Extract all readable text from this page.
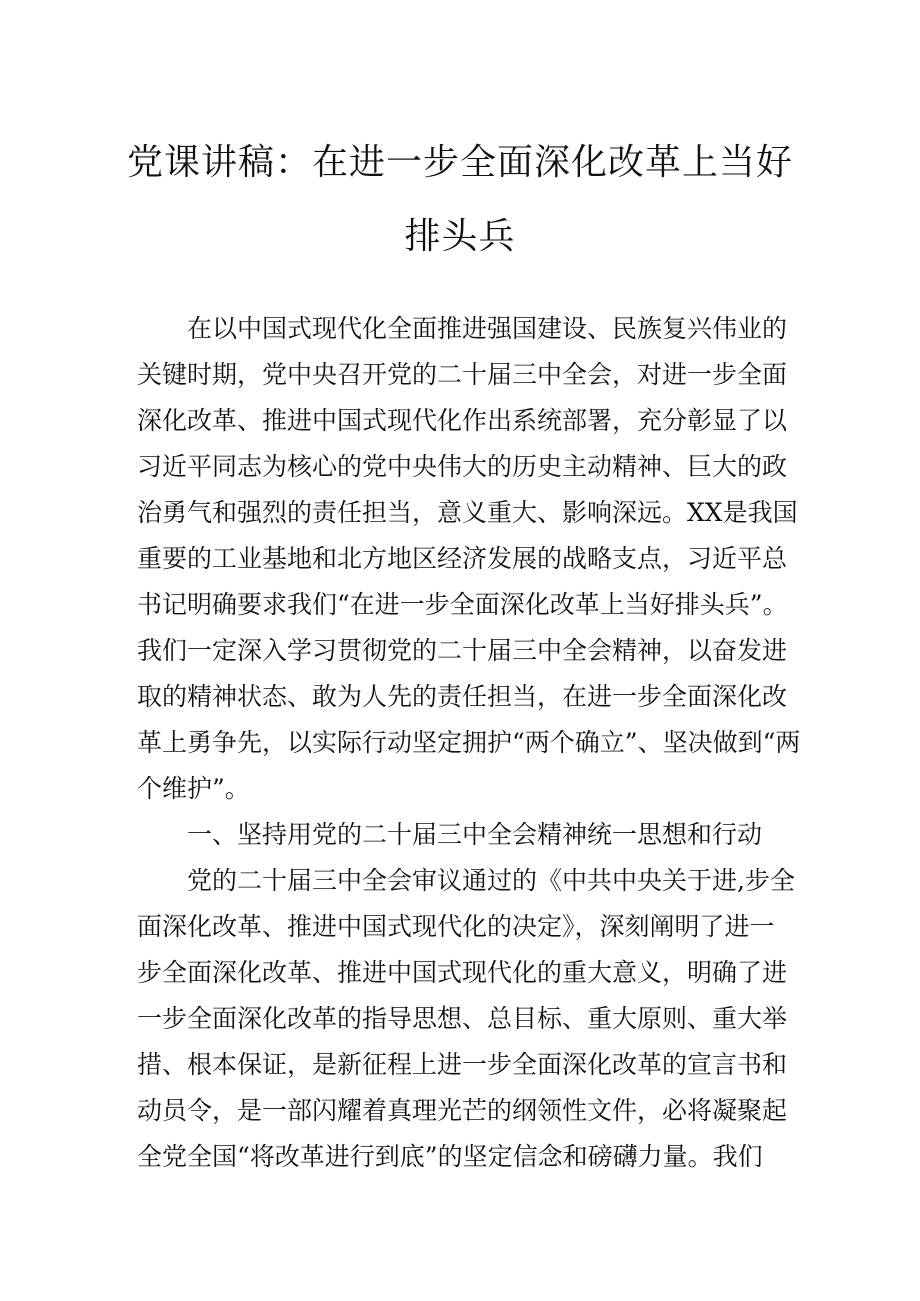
党课讲稿：在进一步全面深化改革上当好
排头兵
在以中国式现代化全面推进强国建设、民族复兴伟业的
关键时期，党中央召开党的二十届三中全会，对进一步全面
深化改革、推进中国式现代化作出系统部署，充分彰显了以
习近平同志为核心的党中央伟大的历史主动精神、巨大的政
治勇气和强烈的责任担当，意义重大、影响深远。XX是我国
重要的工业基地和北方地区经济发展的战略支点，习近平总
书记明确要求我们“在进一步全面深化改革上当好排头兵”。
我们一定深入学习贯彻党的二十届三中全会精神，以奋发进
取的精神状态、敢为人先的责任担当，在进一步全面深化改
革上勇争先，以实际行动坚定拥护“两个确立”、坚决做到“两
个维护”。
一、坚持用党的二十届三中全会精神统一思想和行动
党的二十届三中全会审议通过的《中共中央关于进,步全
面深化改革、推进中国式现代化的决定》，深刻阐明了进一
步全面深化改革、推进中国式现代化的重大意义，明确了进
一步全面深化改革的指导思想、总目标、重大原则、重大举
措、根本保证，是新征程上进一步全面深化改革的宣言书和
动员令，是一部闪耀着真理光芒的纲领性文件，必将凝聚起
全党全国“将改革进行到底”的坚定信念和磅礴力量。我们
